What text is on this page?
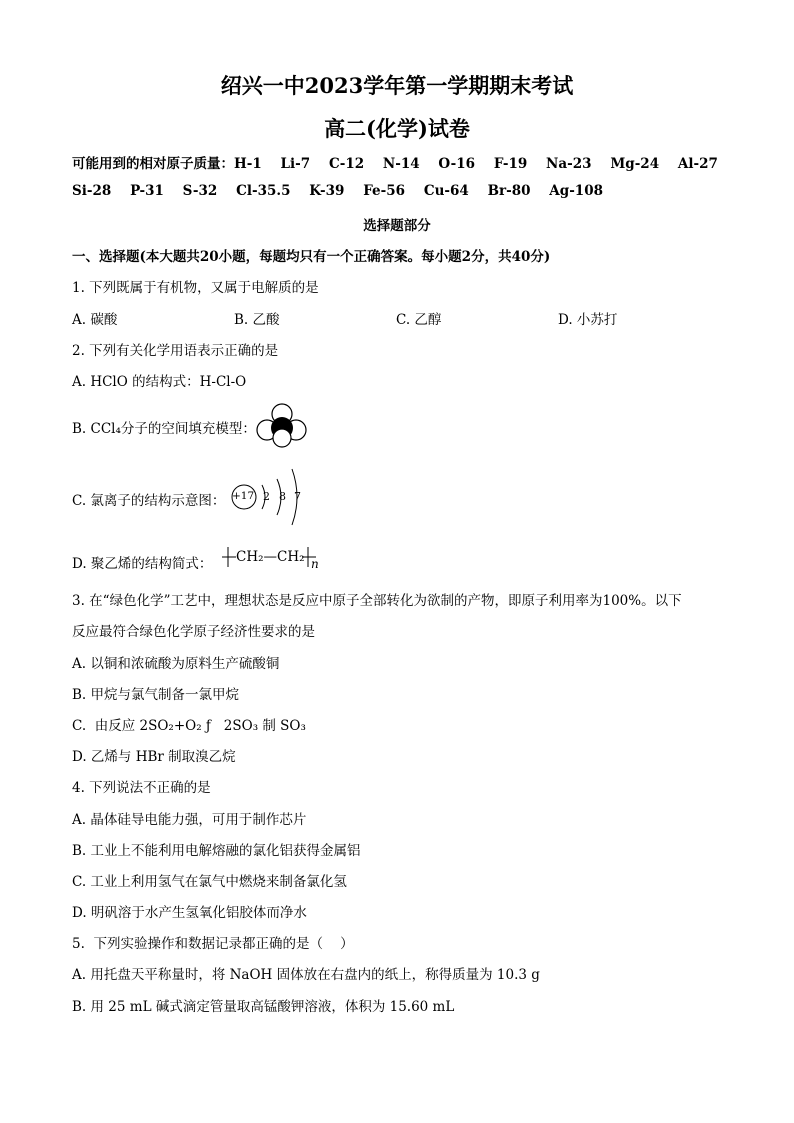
绍兴一中2023学年第一学期期末考试
高二(化学)试卷
可能用到的相对原子质量：H-1    Li-7    C-12    N-14    O-16    F-19    Na-23    Mg-24    Al-27
Si-28    P-31    S-32    Cl-35.5    K-39    Fe-56    Cu-64    Br-80    Ag-108
选择题部分
一、选择题(本大题共20小题，每题均只有一个正确答案。每小题2分，共40分)
1. 下列既属于有机物，又属于电解质的是
A. 碳酸	B. 乙酸	C. 乙醇	D. 小苏打
2. 下列有关化学用语表示正确的是
A. HClO 的结构式：H-Cl-O
B. CCl₄分子的空间填充模型：
C. 氯离子的结构示意图： +17 2 8 7
D. 聚乙烯的结构简式： CH₂—CH₂ n
3. 在“绿色化学”工艺中，理想状态是反应中原子全部转化为欲制的产物，即原子利用率为100%。以下
反应最符合绿色化学原子经济性要求的是
A. 以铜和浓硫酸为原料生产硫酸铜
B. 甲烷与氯气制备一氯甲烷
C.  由反应 2SO₂+O₂ ƒ   2SO₃ 制 SO₃
D. 乙烯与 HBr 制取溴乙烷
4. 下列说法不正确的是
A. 晶体硅导电能力强，可用于制作芯片
B. 工业上不能利用电解熔融的氯化铝获得金属铝
C. 工业上利用氢气在氯气中燃烧来制备氯化氢
D. 明矾溶于水产生氢氧化铝胶体而净水
5.  下列实验操作和数据记录都正确的是（    ）
A. 用托盘天平称量时，将 NaOH 固体放在右盘内的纸上，称得质量为 10.3 g
B. 用 25 mL 碱式滴定管量取高锰酸钾溶液，体积为 15.60 mL
